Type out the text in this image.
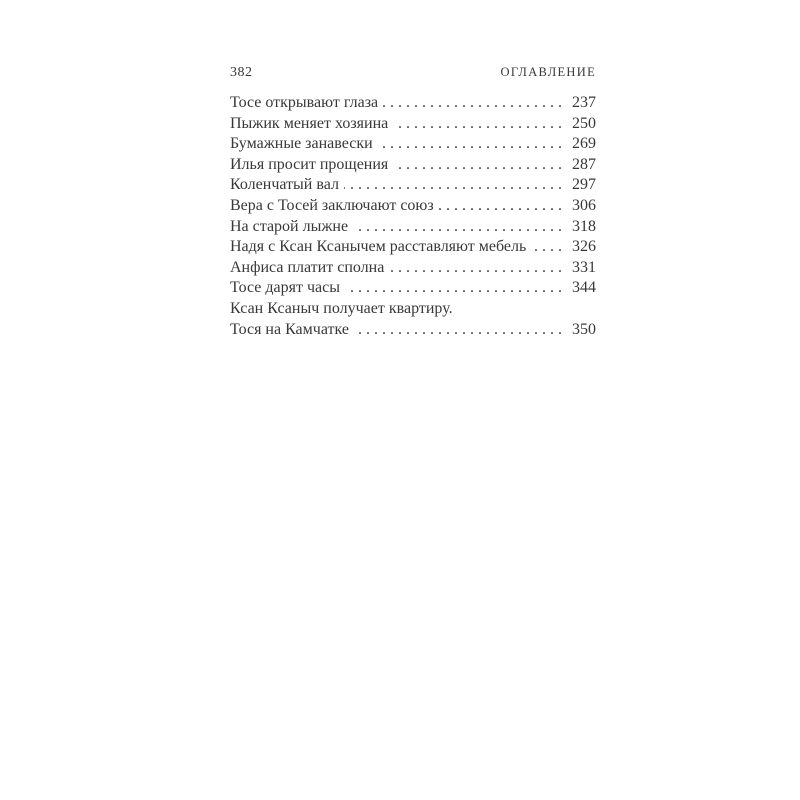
382	ОГЛАВЛЕНИЕ
Тосе открывают глаза . . .	237
Пыжик меняет хозяина . . .	250
Бумажные занавески . . .	269
Илья просит прощения . . .	287
Коленчатый вал . . .	297
Вера с Тосей заключают союз . . .	306
На старой лыжне . . .	318
Надя с Ксан Ксанычем расставляют мебель . . .	326
Анфиса платит сполна . . .	331
Тосе дарят часы . . .	344
Ксан Ксаныч получает квартиру.
Тося на Камчатке . . .	350
